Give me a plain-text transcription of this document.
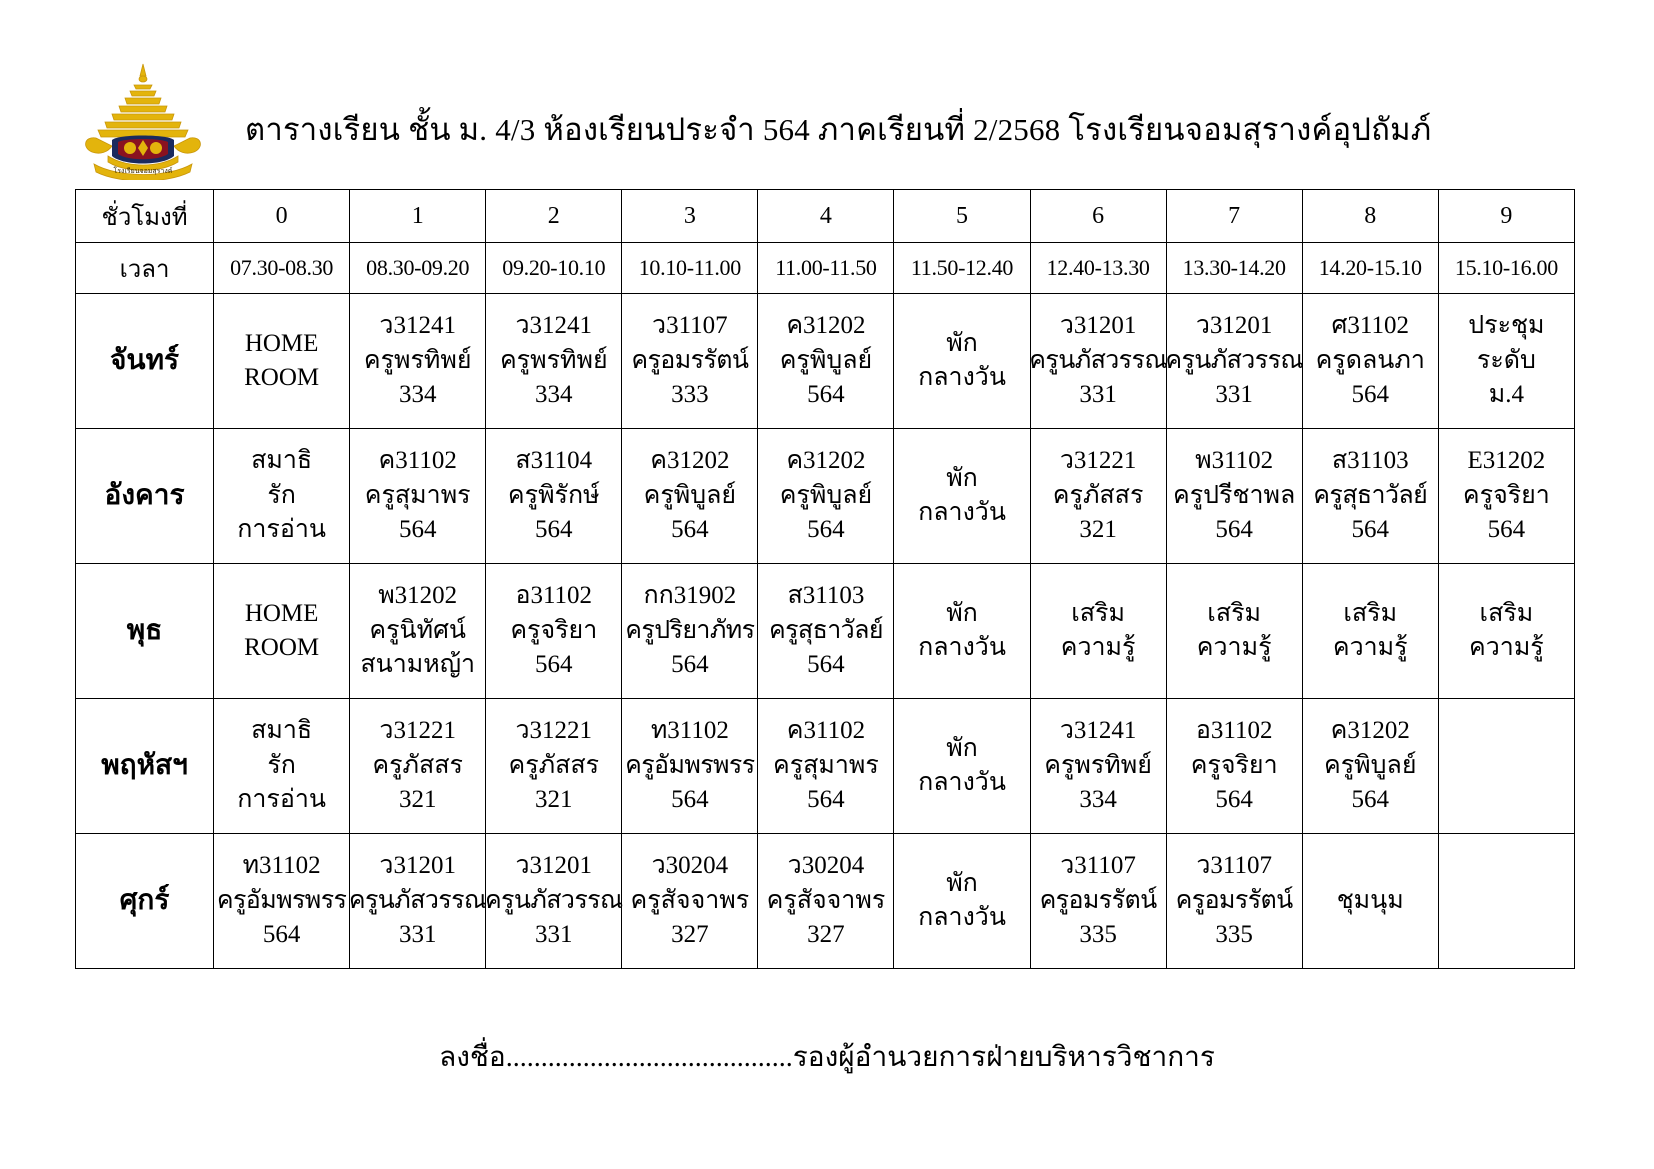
โรงเรียนจอมสุรางค์
ตารางเรียน ชั้น ม. 4/3 ห้องเรียนประจำ 564 ภาคเรียนที่ 2/2568 โรงเรียนจอมสุรางค์อุปถัมภ์
ชั่วโมงที่	0	1	2	3	4	5	6	7	8	9
เวลา	07.30-08.30	08.30-09.20	09.20-10.10	10.10-11.00	11.00-11.50	11.50-12.40	12.40-13.30	13.30-14.20	14.20-15.10	15.10-16.00
จันทร์	HOME
ROOM	ว31241
ครูพรทิพย์
334	ว31241
ครูพรทิพย์
334	ว31107
ครูอมรรัตน์
333	ค31202
ครูพิบูลย์
564	พัก
กลางวัน	ว31201
ครูนภัสวรรณ
331	ว31201
ครูนภัสวรรณ
331	ศ31102
ครูดลนภา
564	ประชุม
ระดับ
ม.4

อังคาร	สมาธิ
รัก
การอ่าน	ค31102
ครูสุมาพร
564	ส31104
ครูพิรักษ์
564	ค31202
ครูพิบูลย์
564	ค31202
ครูพิบูลย์
564	พัก
กลางวัน	ว31221
ครูภัสสร
321	พ31102
ครูปรีชาพล
564	ส31103
ครูสุธาวัลย์
564	E31202
ครูจริยา
564

พุธ	HOME
ROOM	พ31202
ครูนิทัศน์
สนามหญ้า	อ31102
ครูจริยา
564	กก31902
ครูปริยาภัทร
564	ส31103
ครูสุธาวัลย์
564	พัก
กลางวัน	เสริม
ความรู้	เสริม
ความรู้	เสริม
ความรู้	เสริม
ความรู้

พฤหัสฯ	สมาธิ
รัก
การอ่าน	ว31221
ครูภัสสร
321	ว31221
ครูภัสสร
321	ท31102
ครูอัมพรพรร
564	ค31102
ครูสุมาพร
564	พัก
กลางวัน	ว31241
ครูพรทิพย์
334	อ31102
ครูจริยา
564	ค31202
ครูพิบูลย์
564	

ศุกร์	ท31102
ครูอัมพรพรร
564	ว31201
ครูนภัสวรรณ
331	ว31201
ครูนภัสวรรณ
331	ว30204
ครูสัจจาพร
327	ว30204
ครูสัจจาพร
327	พัก
กลางวัน	ว31107
ครูอมรรัตน์
335	ว31107
ครูอมรรัตน์
335	ชุมนุม	

ลงชื่อ.........................................รองผู้อำนวยการฝ่ายบริหารวิชาการ
